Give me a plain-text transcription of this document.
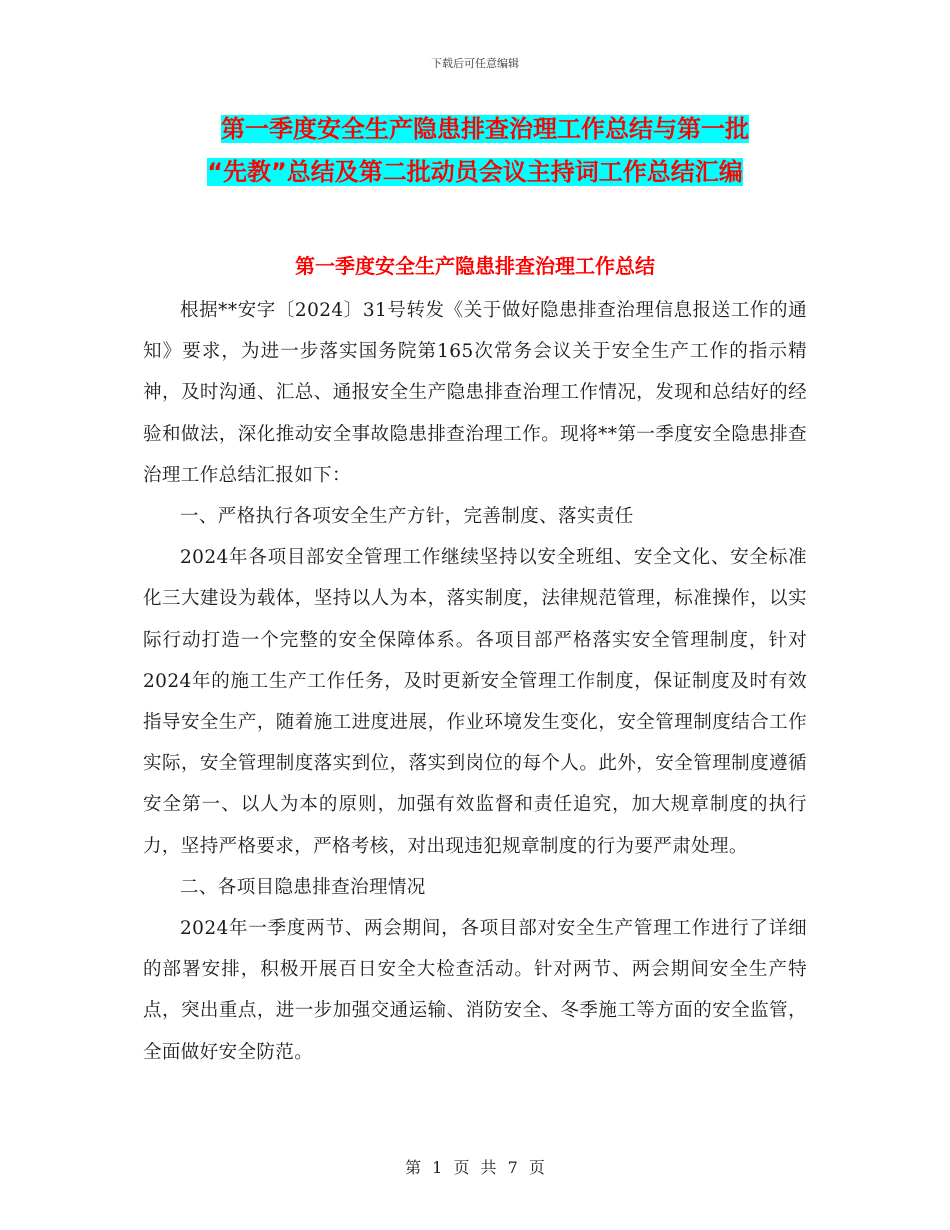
下载后可任意编辑
第一季度安全生产隐患排查治理工作总结与第一批
“先教”总结及第二批动员会议主持词工作总结汇编
第一季度安全生产隐患排查治理工作总结

根据**安字〔2024〕31号转发《关于做好隐患排查治理信息报送工作的通知》要求，为进一步落实国务院第165次常务会议关于安全生产工作的指示精神，及时沟通、汇总、通报安全生产隐患排查治理工作情况，发现和总结好的经验和做法，深化推动安全事故隐患排查治理工作。现将**第一季度安全隐患排查治理工作总结汇报如下：

一、严格执行各项安全生产方针，完善制度、落实责任

2024年各项目部安全管理工作继续坚持以安全班组、安全文化、安全标准化三大建设为载体，坚持以人为本，落实制度，法律规范管理，标准操作，以实际行动打造一个完整的安全保障体系。各项目部严格落实安全管理制度，针对2024年的施工生产工作任务，及时更新安全管理工作制度，保证制度及时有效指导安全生产，随着施工进度进展，作业环境发生变化，安全管理制度结合工作实际，安全管理制度落实到位，落实到岗位的每个人。此外，安全管理制度遵循安全第一、以人为本的原则，加强有效监督和责任追究，加大规章制度的执行力，坚持严格要求，严格考核，对出现违犯规章制度的行为要严肃处理。

二、各项目隐患排查治理情况

2024年一季度两节、两会期间，各项目部对安全生产管理工作进行了详细的部署安排，积极开展百日安全大检查活动。针对两节、两会期间安全生产特点，突出重点，进一步加强交通运输、消防安全、冬季施工等方面的安全监管，全面做好安全防范。

第 1 页 共 7 页
